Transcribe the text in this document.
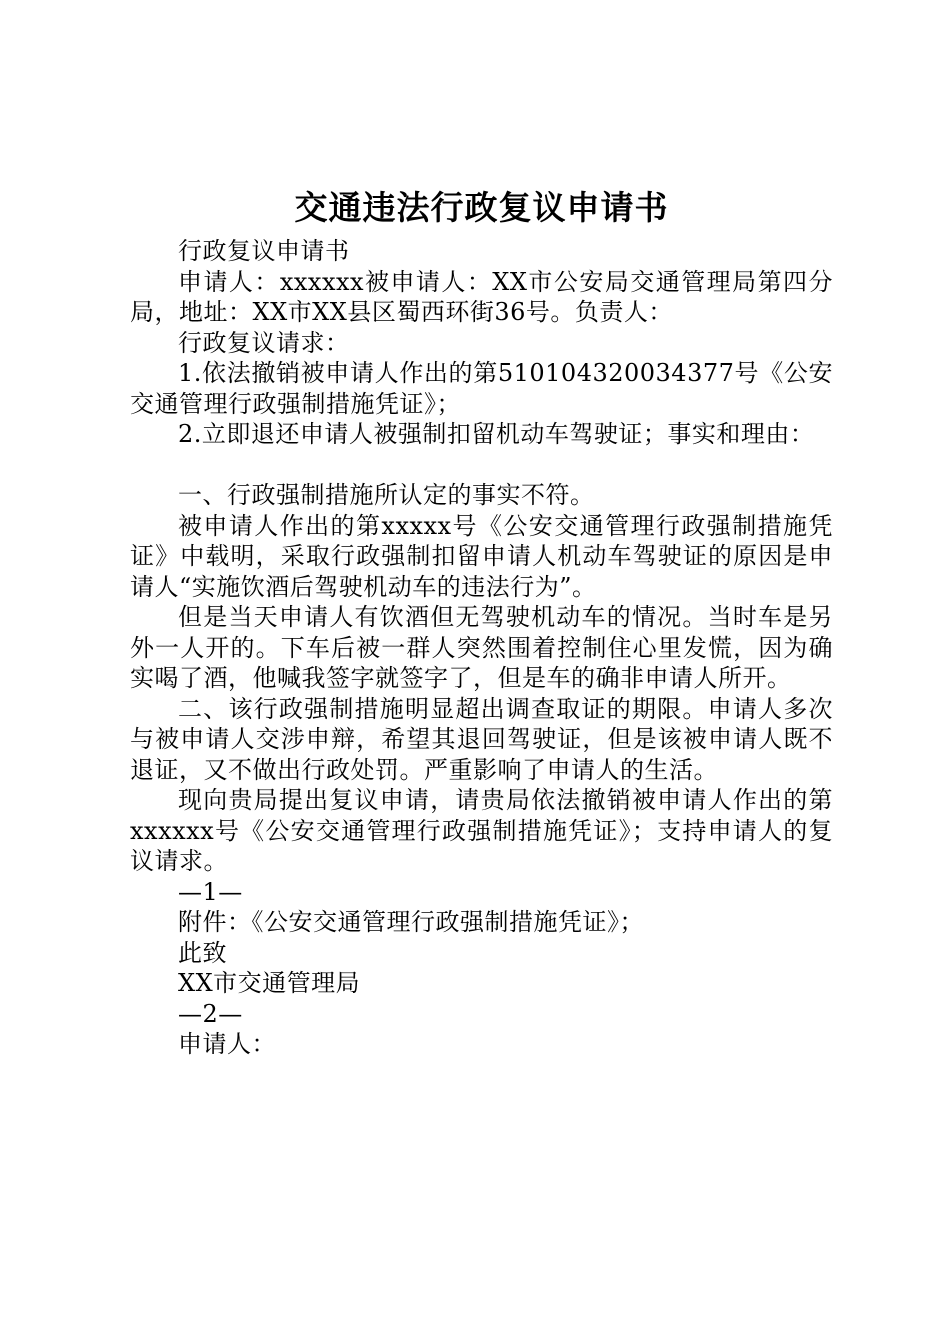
交通违法行政复议申请书

行政复议申请书

申请人：xxxxxx被申请人：XX市公安局交通管理局第四分局，地址：XX市XX县区蜀西环街36号。负责人：

行政复议请求：

1.依法撤销被申请人作出的第510104320034377号《公安交通管理行政强制措施凭证》；

2.立即退还申请人被强制扣留机动车驾驶证；事实和理由：

一、行政强制措施所认定的事实不符。

被申请人作出的第xxxxx号《公安交通管理行政强制措施凭证》中载明，采取行政强制扣留申请人机动车驾驶证的原因是申请人“实施饮酒后驾驶机动车的违法行为”。

但是当天申请人有饮酒但无驾驶机动车的情况。当时车是另外一人开的。下车后被一群人突然围着控制住心里发慌，因为确实喝了酒，他喊我签字就签字了，但是车的确非申请人所开。

二、该行政强制措施明显超出调查取证的期限。申请人多次与被申请人交涉申辩，希望其退回驾驶证，但是该被申请人既不退证，又不做出行政处罚。严重影响了申请人的生活。

现向贵局提出复议申请，请贵局依法撤销被申请人作出的第xxxxxx号《公安交通管理行政强制措施凭证》；支持申请人的复议请求。

—1—

附件：《公安交通管理行政强制措施凭证》；

此致

XX市交通管理局

—2—

申请人：
